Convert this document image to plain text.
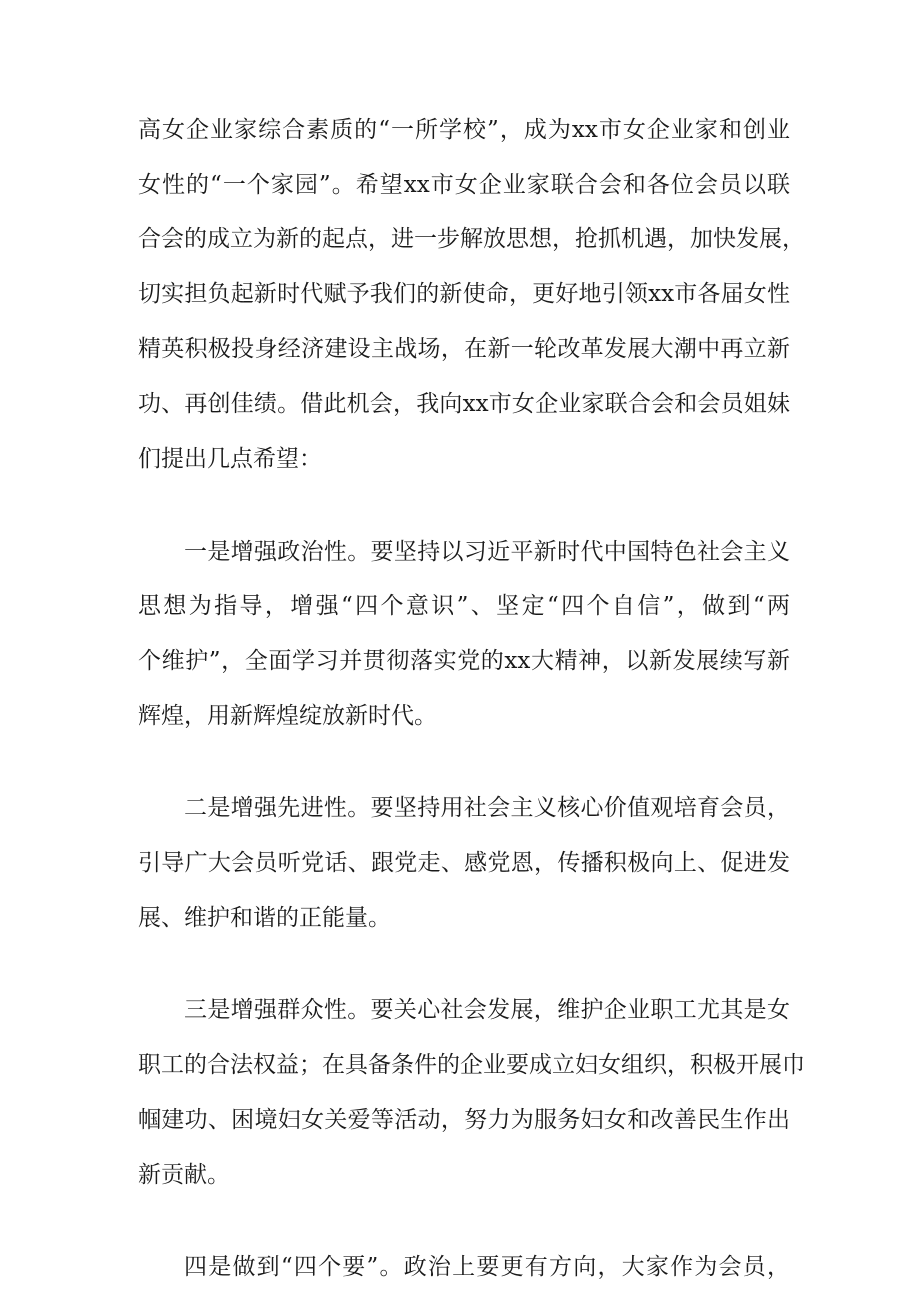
高女企业家综合素质的“一所学校”，成为xx市女企业家和创业

女性的“一个家园”。希望xx市女企业家联合会和各位会员以联

合会的成立为新的起点，进一步解放思想，抢抓机遇，加快发展，

切实担负起新时代赋予我们的新使命，更好地引领xx市各届女性

精英积极投身经济建设主战场，在新一轮改革发展大潮中再立新

功、再创佳绩。借此机会，我向xx市女企业家联合会和会员姐妹

们提出几点希望：

一是增强政治性。要坚持以习近平新时代中国特色社会主义

思想为指导，增强“四个意识”、坚定“四个自信”，做到“两

个维护”，全面学习并贯彻落实党的xx大精神，以新发展续写新

辉煌，用新辉煌绽放新时代。

二是增强先进性。要坚持用社会主义核心价值观培育会员，

引导广大会员听党话、跟党走、感党恩，传播积极向上、促进发

展、维护和谐的正能量。

三是增强群众性。要关心社会发展，维护企业职工尤其是女

职工的合法权益；在具备条件的企业要成立妇女组织，积极开展巾

帼建功、困境妇女关爱等活动，努力为服务妇女和改善民生作出

新贡献。

四是做到“四个要”。政治上要更有方向，大家作为会员，
